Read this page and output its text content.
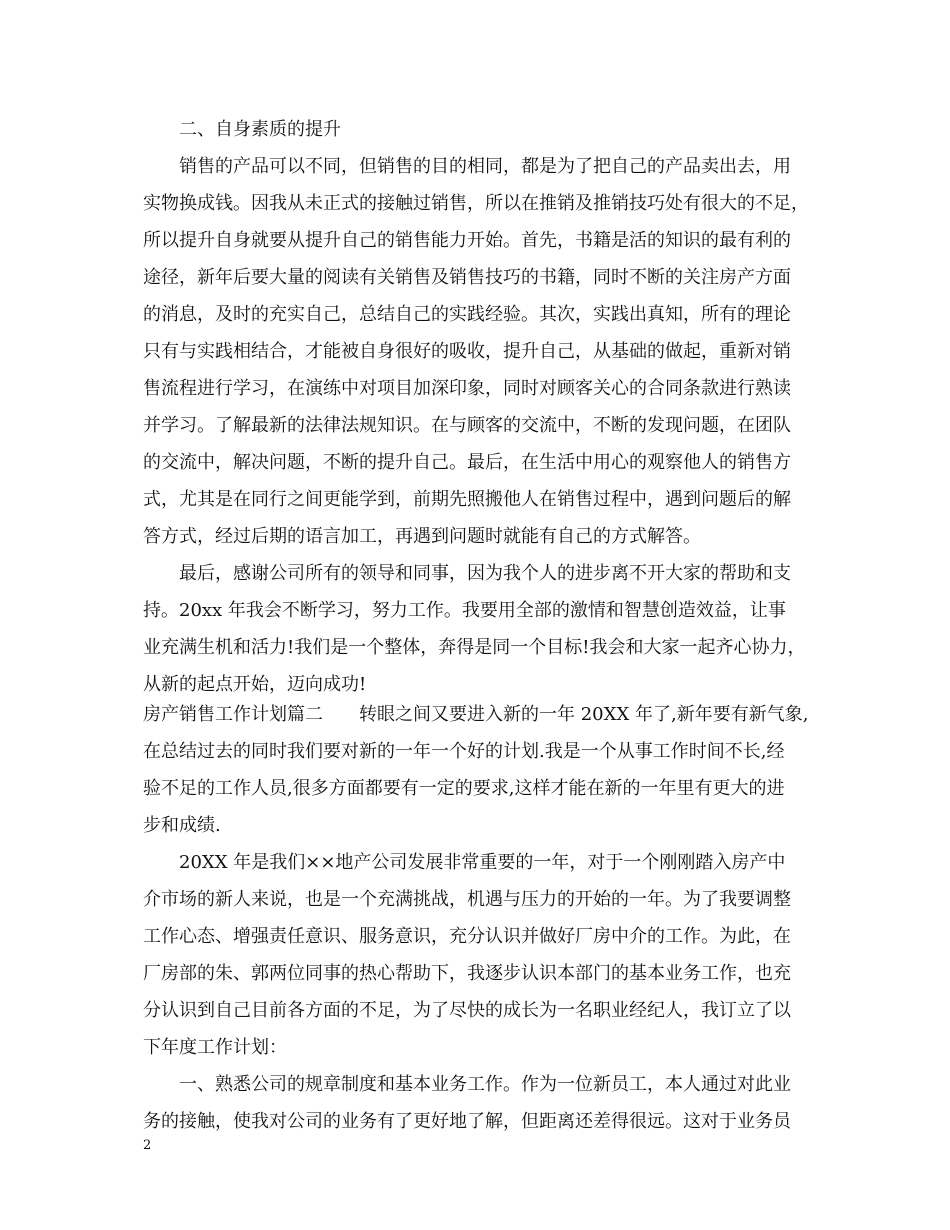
二、自身素质的提升
销售的产品可以不同，但销售的目的相同，都是为了把自己的产品卖出去，用
实物换成钱。因我从未正式的接触过销售，所以在推销及推销技巧处有很大的不足，
所以提升自身就要从提升自己的销售能力开始。首先，书籍是活的知识的最有利的
途径，新年后要大量的阅读有关销售及销售技巧的书籍，同时不断的关注房产方面
的消息，及时的充实自己，总结自己的实践经验。其次，实践出真知，所有的理论
只有与实践相结合，才能被自身很好的吸收，提升自己，从基础的做起，重新对销
售流程进行学习，在演练中对项目加深印象，同时对顾客关心的合同条款进行熟读
并学习。了解最新的法律法规知识。在与顾客的交流中，不断的发现问题，在团队
的交流中，解决问题，不断的提升自己。最后，在生活中用心的观察他人的销售方
式，尤其是在同行之间更能学到，前期先照搬他人在销售过程中，遇到问题后的解
答方式，经过后期的语言加工，再遇到问题时就能有自己的方式解答。
最后，感谢公司所有的领导和同事，因为我个人的进步离不开大家的帮助和支
持。20xx 年我会不断学习，努力工作。我要用全部的激情和智慧创造效益，让事
业充满生机和活力!我们是一个整体，奔得是同一个目标!我会和大家一起齐心协力，
从新的起点开始，迈向成功!
房产销售工作计划篇二　　转眼之间又要进入新的一年 20XX 年了,新年要有新气象,
在总结过去的同时我们要对新的一年一个好的计划.我是一个从事工作时间不长,经
验不足的工作人员,很多方面都要有一定的要求,这样才能在新的一年里有更大的进
步和成绩.
20XX 年是我们××地产公司发展非常重要的一年，对于一个刚刚踏入房产中
介市场的新人来说，也是一个充满挑战，机遇与压力的开始的一年。为了我要调整
工作心态、增强责任意识、服务意识，充分认识并做好厂房中介的工作。为此，在
厂房部的朱、郭两位同事的热心帮助下，我逐步认识本部门的基本业务工作，也充
分认识到自己目前各方面的不足，为了尽快的成长为一名职业经纪人，我订立了以
下年度工作计划：
一、熟悉公司的规章制度和基本业务工作。作为一位新员工，本人通过对此业
务的接触，使我对公司的业务有了更好地了解，但距离还差得很远。这对于业务员
2
